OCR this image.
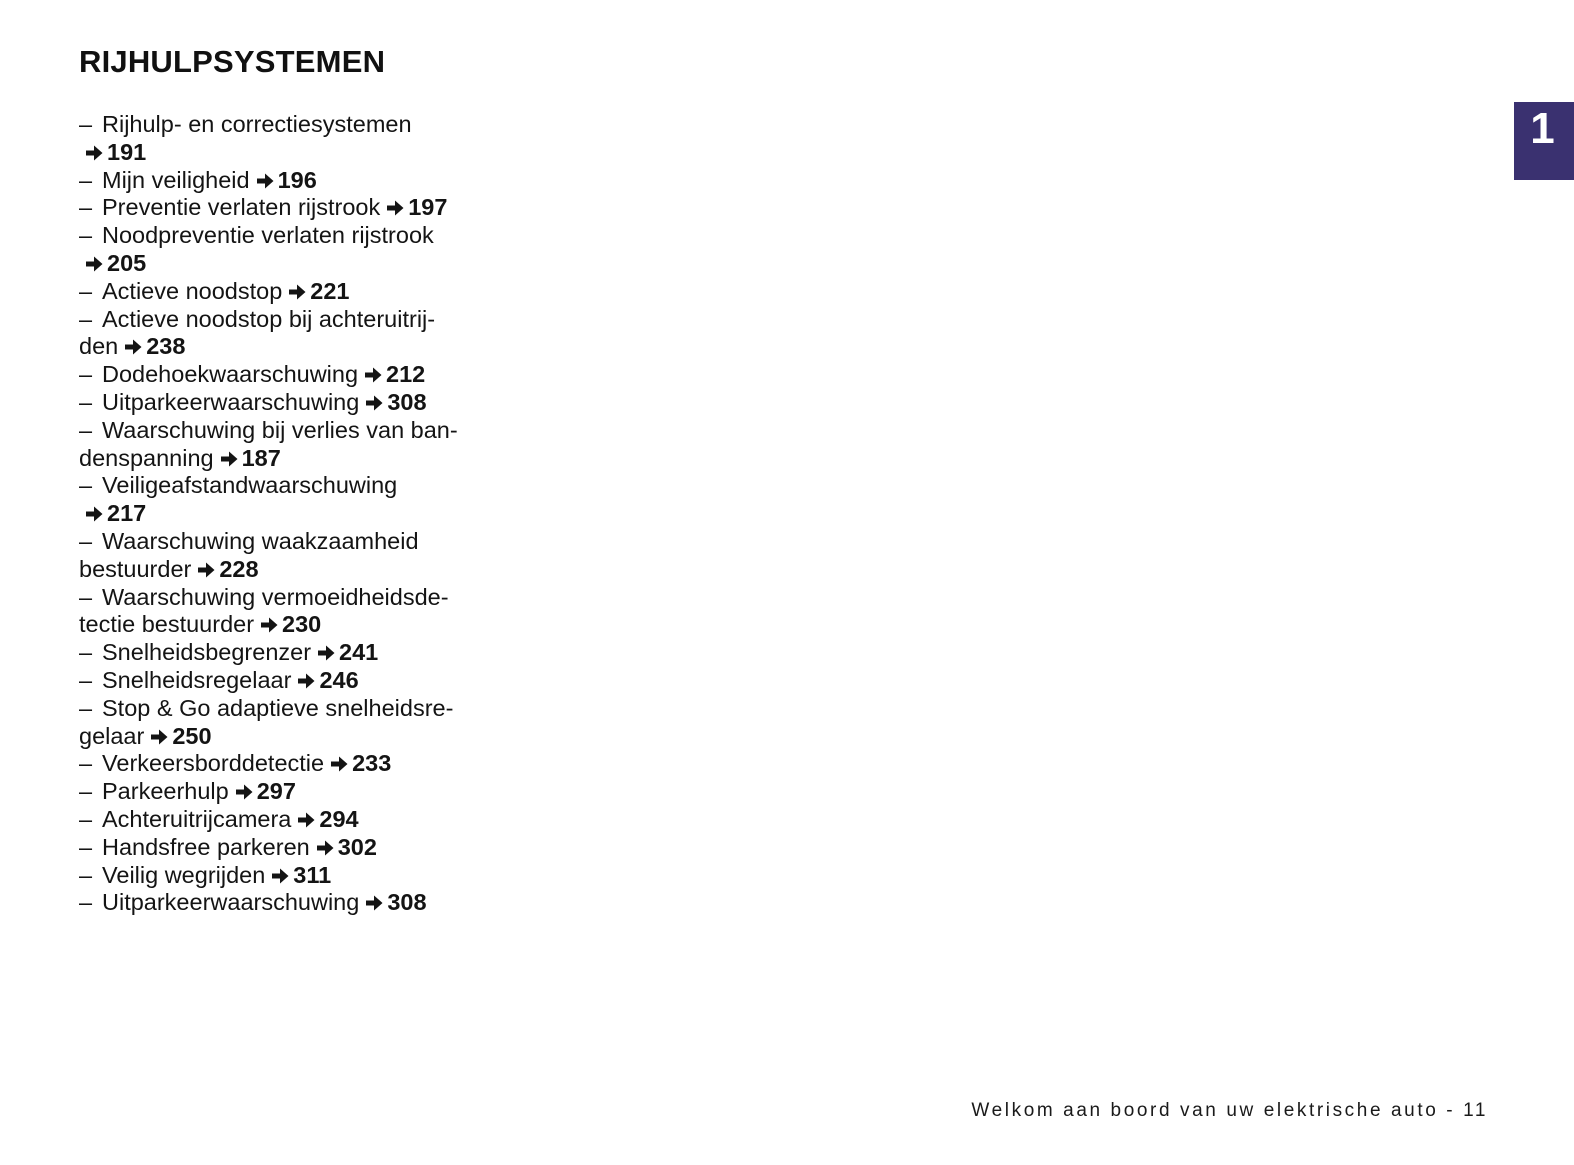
RIJHULPSYSTEMEN
– Rijhulp- en correctiesystemen

191
– Mijn veiligheid 196
– Preventie verlaten rijstrook 197
– Noodpreventie verlaten rijstrook

205
– Actieve noodstop 221
– Actieve noodstop bij achteruitrij-
den 238
– Dodehoekwaarschuwing 212
– Uitparkeerwaarschuwing 308
– Waarschuwing bij verlies van ban-
denspanning 187
– Veiligeafstandwaarschuwing

217
– Waarschuwing waakzaamheid
bestuurder 228
– Waarschuwing vermoeidheidsde-
tectie bestuurder 230
– Snelheidsbegrenzer 241
– Snelheidsregelaar 246
– Stop & Go adaptieve snelheidsre-
gelaar 250
– Verkeersborddetectie 233
– Parkeerhulp 297
– Achteruitrijcamera 294
– Handsfree parkeren 302
– Veilig wegrijden 311
– Uitparkeerwaarschuwing 308
1
Welkom aan boord van uw elektrische auto - 11
